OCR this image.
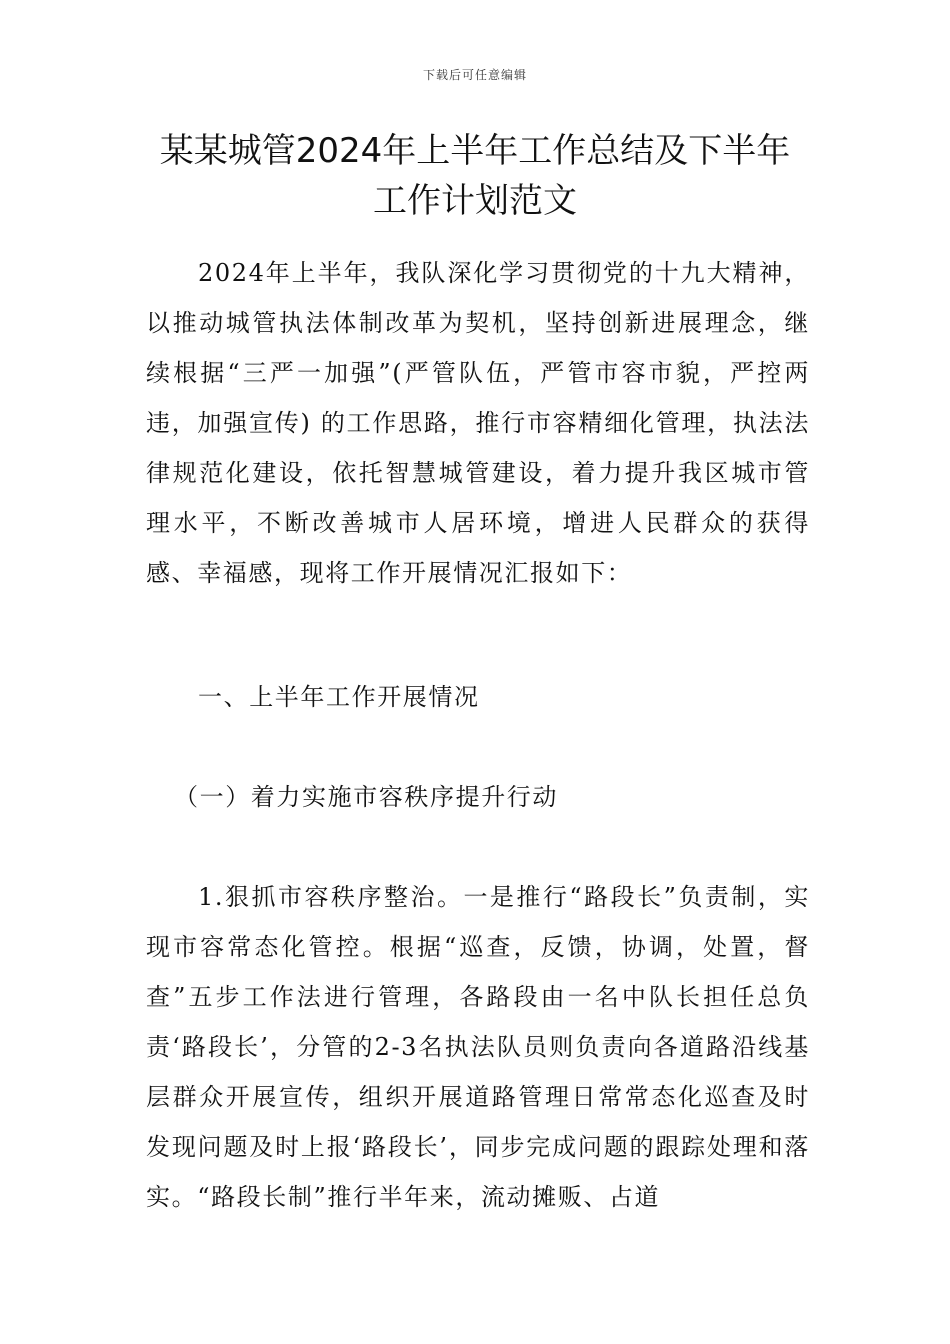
下载后可任意编辑
某某城管2024年上半年工作总结及下半年
工作计划范文

2024年上半年，我队深化学习贯彻党的十九大精神，以推动城管执法体制改革为契机，坚持创新进展理念，继续根据“三严一加强”(严管队伍，严管市容市貌，严控两违，加强宣传) 的工作思路，推行市容精细化管理，执法法律规范化建设，依托智慧城管建设，着力提升我区城市管理水平，不断改善城市人居环境，增进人民群众的获得感、幸福感，现将工作开展情况汇报如下：

一、上半年工作开展情况

（一）着力实施市容秩序提升行动

1.狠抓市容秩序整治。一是推行“路段长”负责制，实现市容常态化管控。根据“巡查，反馈，协调，处置，督查”五步工作法进行管理，各路段由一名中队长担任总负责‘路段长’，分管的2-3名执法队员则负责向各道路沿线基层群众开展宣传，组织开展道路管理日常常态化巡查及时发现问题及时上报‘路段长’，同步完成问题的跟踪处理和落实。“路段长制”推行半年来，流动摊贩、占道
